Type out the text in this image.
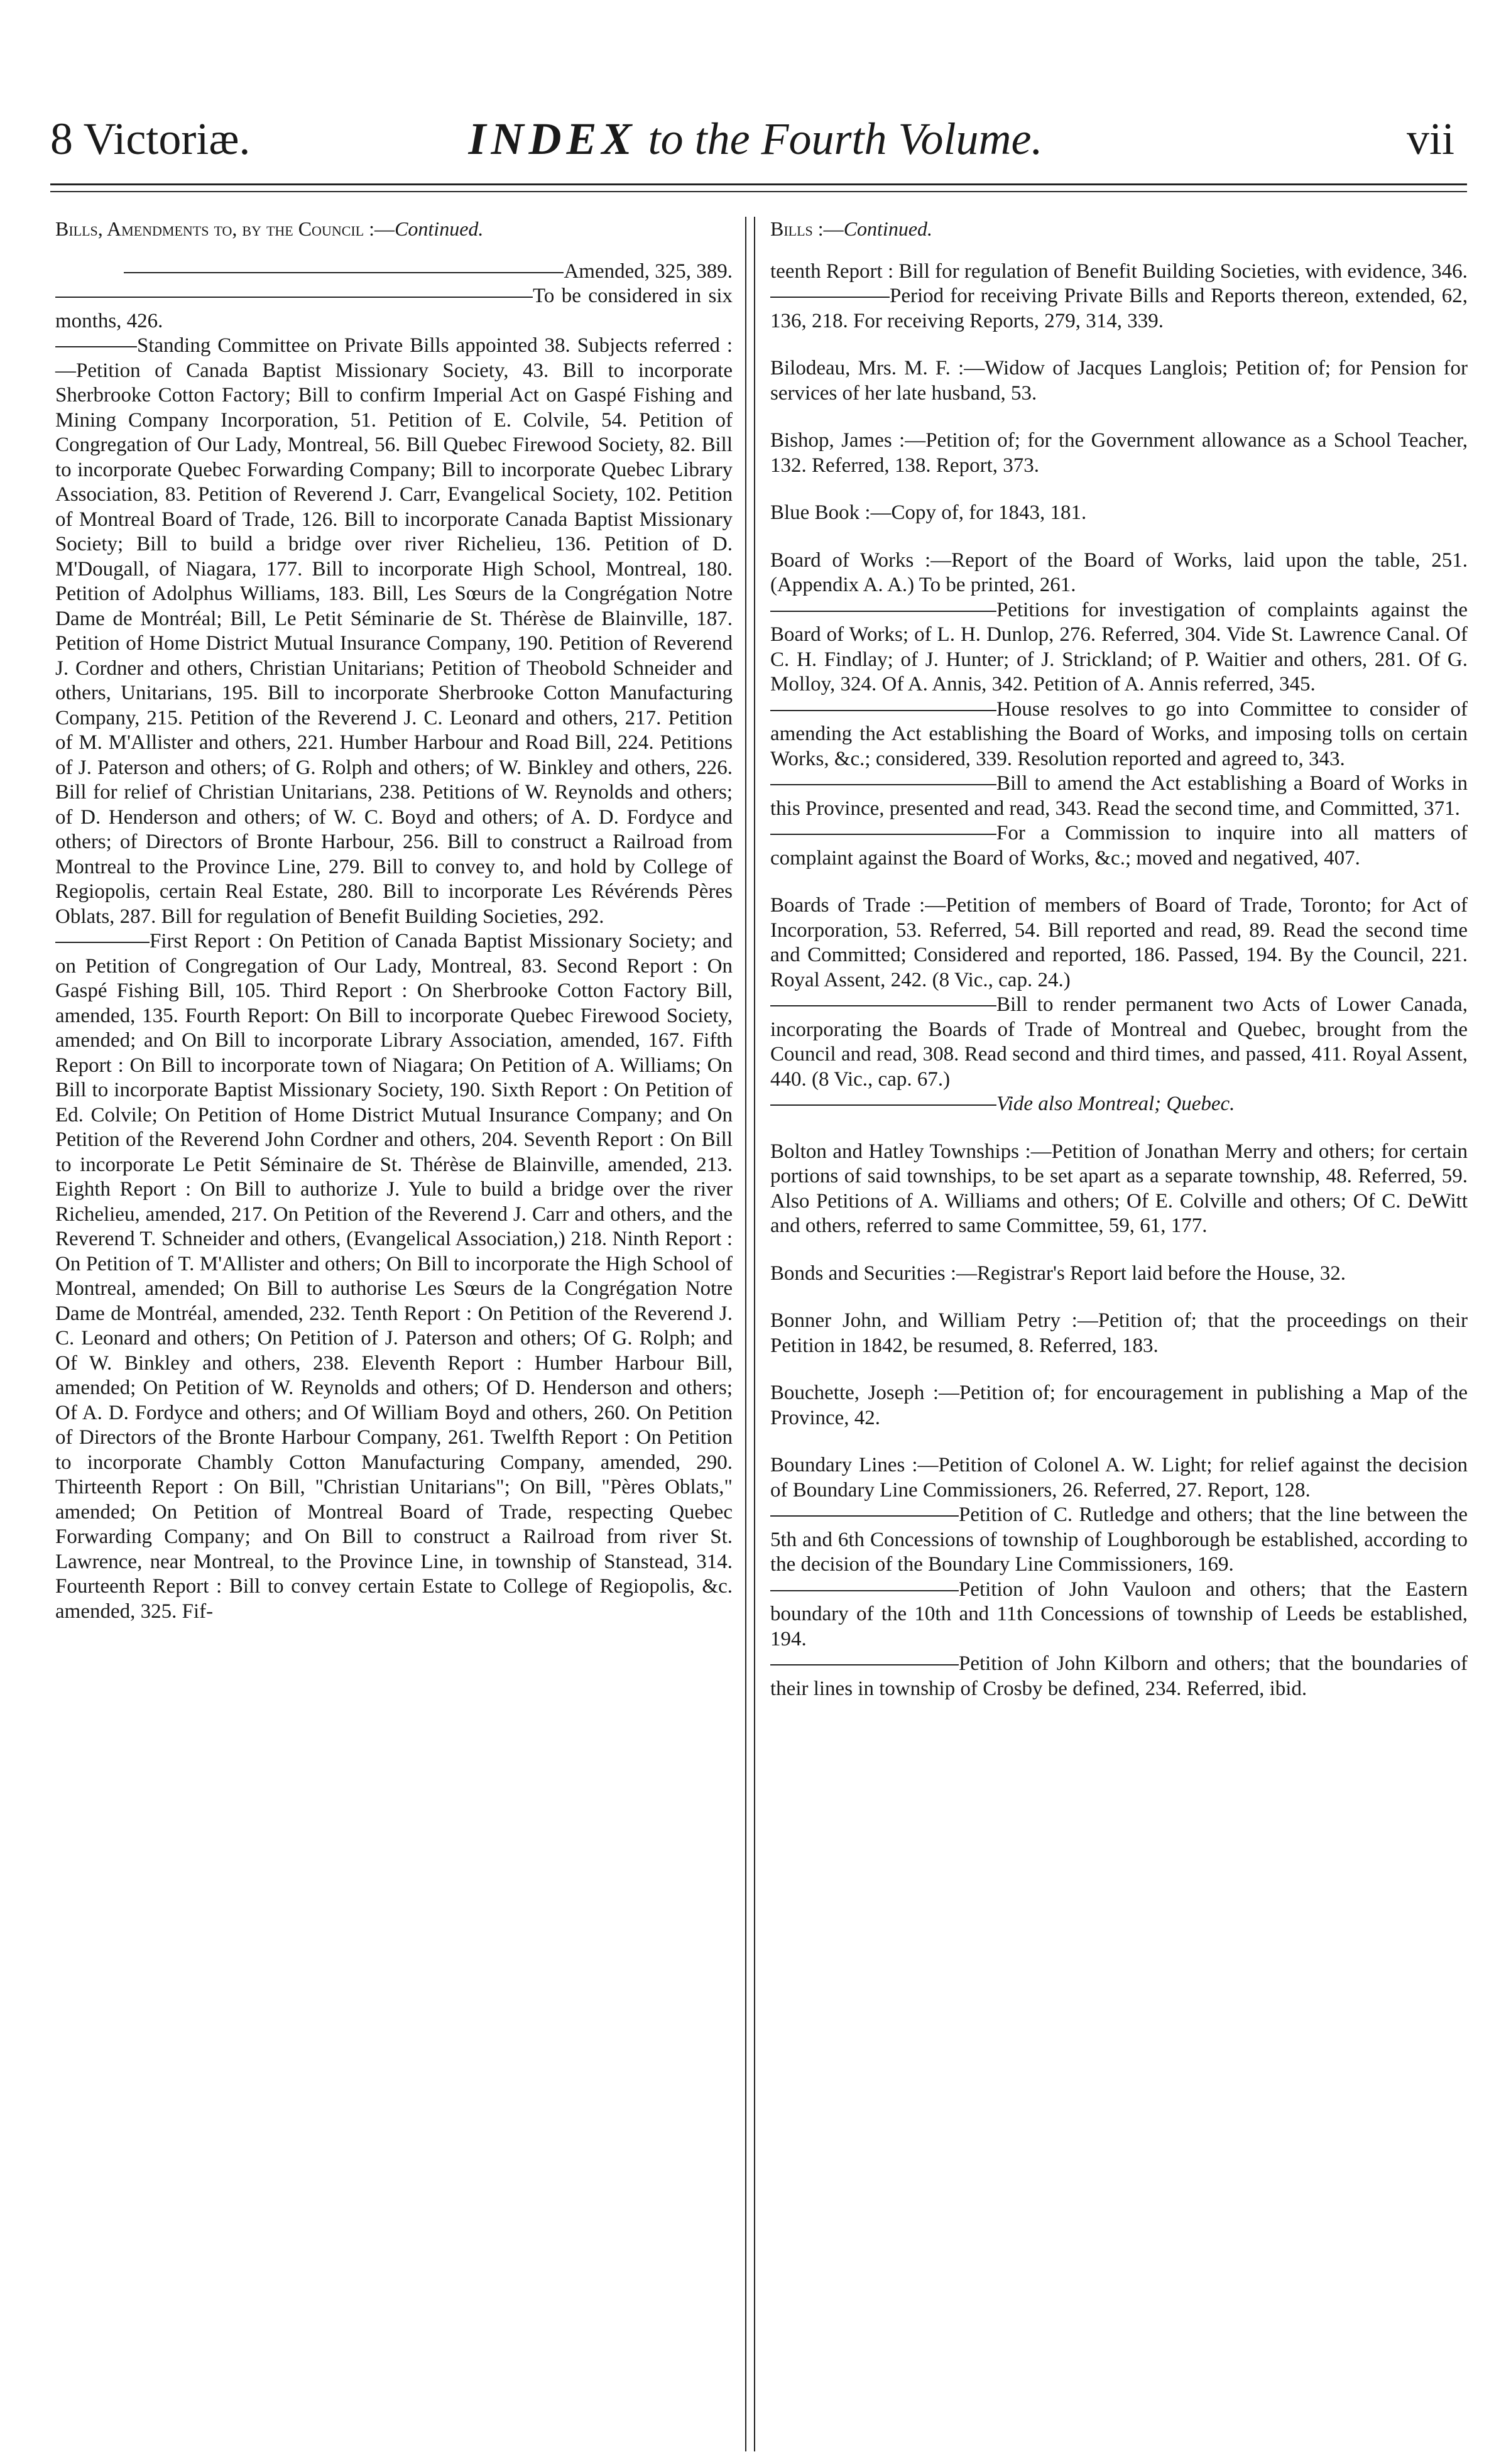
8 Victoriæ.	INDEX to the Fourth Volume.	vii
Bills, Amendments to, by the Council :—Continued.

Amended, 325, 389.

To be considered in six months, 426.

Standing Committee on Private Bills appointed 38. Subjects referred :—Petition of Canada Baptist Missionary Society, 43. Bill to incorporate Sherbrooke Cotton Factory; Bill to confirm Imperial Act on Gaspé Fishing and Mining Company Incorporation, 51. Petition of E. Colvile, 54. Petition of Congregation of Our Lady, Montreal, 56. Bill Quebec Firewood Society, 82. Bill to incorporate Quebec Forwarding Company; Bill to incorporate Quebec Library Association, 83. Petition of Reverend J. Carr, Evangelical Society, 102. Petition of Montreal Board of Trade, 126. Bill to incorporate Canada Baptist Missionary Society; Bill to build a bridge over river Richelieu, 136. Petition of D. M'Dougall, of Niagara, 177. Bill to incorporate High School, Montreal, 180. Petition of Adolphus Williams, 183. Bill, Les Sœurs de la Congrégation Notre Dame de Montréal; Bill, Le Petit Séminarie de St. Thérèse de Blainville, 187. Petition of Home District Mutual Insurance Company, 190. Petition of Reverend J. Cordner and others, Christian Unitarians; Petition of Theobold Schneider and others, Unitarians, 195. Bill to incorporate Sherbrooke Cotton Manufacturing Company, 215. Petition of the Reverend J. C. Leonard and others, 217. Petition of M. M'Allister and others, 221. Humber Harbour and Road Bill, 224. Petitions of J. Paterson and others; of G. Rolph and others; of W. Binkley and others, 226. Bill for relief of Christian Unitarians, 238. Petitions of W. Reynolds and others; of D. Henderson and others; of W. C. Boyd and others; of A. D. Fordyce and others; of Directors of Bronte Harbour, 256. Bill to construct a Railroad from Montreal to the Province Line, 279. Bill to convey to, and hold by College of Regiopolis, certain Real Estate, 280. Bill to incorporate Les Révérends Pères Oblats, 287. Bill for regulation of Benefit Building Societies, 292.

First Report : On Petition of Canada Baptist Missionary Society; and on Petition of Congregation of Our Lady, Montreal, 83. Second Report : On Gaspé Fishing Bill, 105. Third Report : On Sherbrooke Cotton Factory Bill, amended, 135. Fourth Report: On Bill to incorporate Quebec Firewood Society, amended; and On Bill to incorporate Library Association, amended, 167. Fifth Report : On Bill to incorporate town of Niagara; On Petition of A. Williams; On Bill to incorporate Baptist Missionary Society, 190. Sixth Report : On Petition of Ed. Colvile; On Petition of Home District Mutual Insurance Company; and On Petition of the Reverend John Cordner and others, 204. Seventh Report : On Bill to incorporate Le Petit Séminaire de St. Thérèse de Blainville, amended, 213. Eighth Report : On Bill to authorize J. Yule to build a bridge over the river Richelieu, amended, 217. On Petition of the Reverend J. Carr and others, and the Reverend T. Schneider and others, (Evangelical Association,) 218. Ninth Report : On Petition of T. M'Allister and others; On Bill to incorporate the High School of Montreal, amended; On Bill to authorise Les Sœurs de la Congrégation Notre Dame de Montréal, amended, 232. Tenth Report : On Petition of the Reverend J. C. Leonard and others; On Petition of J. Paterson and others; Of G. Rolph; and Of W. Binkley and others, 238. Eleventh Report : Humber Harbour Bill, amended; On Petition of W. Reynolds and others; Of D. Henderson and others; Of A. D. Fordyce and others; and Of William Boyd and others, 260. On Petition of Directors of the Bronte Harbour Company, 261. Twelfth Report : On Petition to incorporate Chambly Cotton Manufacturing Company, amended, 290. Thirteenth Report : On Bill, "Christian Unitarians"; On Bill, "Pères Oblats," amended; On Petition of Montreal Board of Trade, respecting Quebec Forwarding Company; and On Bill to construct a Railroad from river St. Lawrence, near Montreal, to the Province Line, in township of Stanstead, 314. Fourteenth Report : Bill to convey certain Estate to College of Regiopolis, &c. amended, 325. Fif-

Bills :—Continued.

teenth Report : Bill for regulation of Benefit Building Societies, with evidence, 346.

Period for receiving Private Bills and Reports thereon, extended, 62, 136, 218. For receiving Reports, 279, 314, 339.

Bilodeau, Mrs. M. F. :—Widow of Jacques Langlois; Petition of; for Pension for services of her late husband, 53.

Bishop, James :—Petition of; for the Government allowance as a School Teacher, 132. Referred, 138. Report, 373.

Blue Book :—Copy of, for 1843, 181.

Board of Works :—Report of the Board of Works, laid upon the table, 251. (Appendix A. A.) To be printed, 261.

Petitions for investigation of complaints against the Board of Works; of L. H. Dunlop, 276. Referred, 304. Vide St. Lawrence Canal. Of C. H. Findlay; of J. Hunter; of J. Strickland; of P. Waitier and others, 281. Of G. Molloy, 324. Of A. Annis, 342. Petition of A. Annis referred, 345.

House resolves to go into Committee to consider of amending the Act establishing the Board of Works, and imposing tolls on certain Works, &c.; considered, 339. Resolution reported and agreed to, 343.

Bill to amend the Act establishing a Board of Works in this Province, presented and read, 343. Read the second time, and Committed, 371.

For a Commission to inquire into all matters of complaint against the Board of Works, &c.; moved and negatived, 407.

Boards of Trade :—Petition of members of Board of Trade, Toronto; for Act of Incorporation, 53. Referred, 54. Bill reported and read, 89. Read the second time and Committed; Considered and reported, 186. Passed, 194. By the Council, 221. Royal Assent, 242. (8 Vic., cap. 24.)

Bill to render permanent two Acts of Lower Canada, incorporating the Boards of Trade of Montreal and Quebec, brought from the Council and read, 308. Read second and third times, and passed, 411. Royal Assent, 440. (8 Vic., cap. 67.)

Vide also Montreal; Quebec.

Bolton and Hatley Townships :—Petition of Jonathan Merry and others; for certain portions of said townships, to be set apart as a separate township, 48. Referred, 59. Also Petitions of A. Williams and others; Of E. Colville and others; Of C. DeWitt and others, referred to same Committee, 59, 61, 177.

Bonds and Securities :—Registrar's Report laid before the House, 32.

Bonner John, and William Petry :—Petition of; that the proceedings on their Petition in 1842, be resumed, 8. Referred, 183.

Bouchette, Joseph :—Petition of; for encouragement in publishing a Map of the Province, 42.

Boundary Lines :—Petition of Colonel A. W. Light; for relief against the decision of Boundary Line Commissioners, 26. Referred, 27. Report, 128.

Petition of C. Rutledge and others; that the line between the 5th and 6th Concessions of township of Loughborough be established, according to the decision of the Boundary Line Commissioners, 169.

Petition of John Vauloon and others; that the Eastern boundary of the 10th and 11th Concessions of township of Leeds be established, 194.

Petition of John Kilborn and others; that the boundaries of their lines in township of Crosby be defined, 234. Referred, ibid.
